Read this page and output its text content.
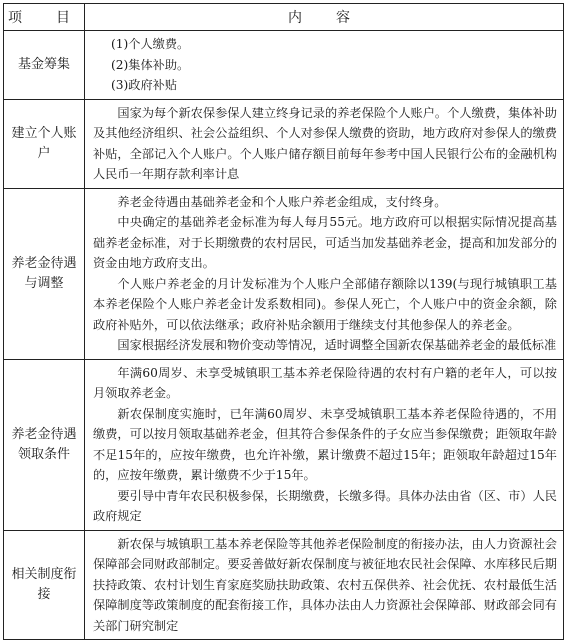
项　目	内　容
基金筹集	(1)个人缴费。
(2)集体补助。
(3)政府补贴

建立个人账户	国家为每个新农保参保人建立终身记录的养老保险个人账户。个人缴费，集体补助及其他经济组织、社会公益组织、个人对参保人缴费的资助，地方政府对参保人的缴费补贴，全部记入个人账户。个人账户储存额目前每年参考中国人民银行公布的金融机构人民币一年期存款利率计息

养老金待遇与调整	养老金待遇由基础养老金和个人账户养老金组成，支付终身。
中央确定的基础养老金标准为每人每月55元。地方政府可以根据实际情况提高基础养老金标准，对于长期缴费的农村居民，可适当加发基础养老金，提高和加发部分的资金由地方政府支出。
个人账户养老金的月计发标准为个人账户全部储存额除以139(与现行城镇职工基本养老保险个人账户养老金计发系数相同)。参保人死亡，个人账户中的资金余额，除政府补贴外，可以依法继承；政府补贴余额用于继续支付其他参保人的养老金。
国家根据经济发展和物价变动等情况，适时调整全国新农保基础养老金的最低标准

养老金待遇领取条件	年满60周岁、未享受城镇职工基本养老保险待遇的农村有户籍的老年人，可以按月领取养老金。
新农保制度实施时，已年满60周岁、未享受城镇职工基本养老保险待遇的，不用缴费，可以按月领取基础养老金，但其符合参保条件的子女应当参保缴费；距领取年龄不足15年的，应按年缴费，也允许补缴，累计缴费不超过15年；距领取年龄超过15年的，应按年缴费，累计缴费不少于15年。
要引导中青年农民积极参保，长期缴费，长缴多得。具体办法由省（区、市）人民政府规定

相关制度衔接	新农保与城镇职工基本养老保险等其他养老保险制度的衔接办法，由人力资源社会保障部会同财政部制定。要妥善做好新农保制度与被征地农民社会保障、水库移民后期扶持政策、农村计划生育家庭奖励扶助政策、农村五保供养、社会优抚、农村最低生活保障制度等政策制度的配套衔接工作，具体办法由人力资源社会保障部、财政部会同有关部门研究制定
